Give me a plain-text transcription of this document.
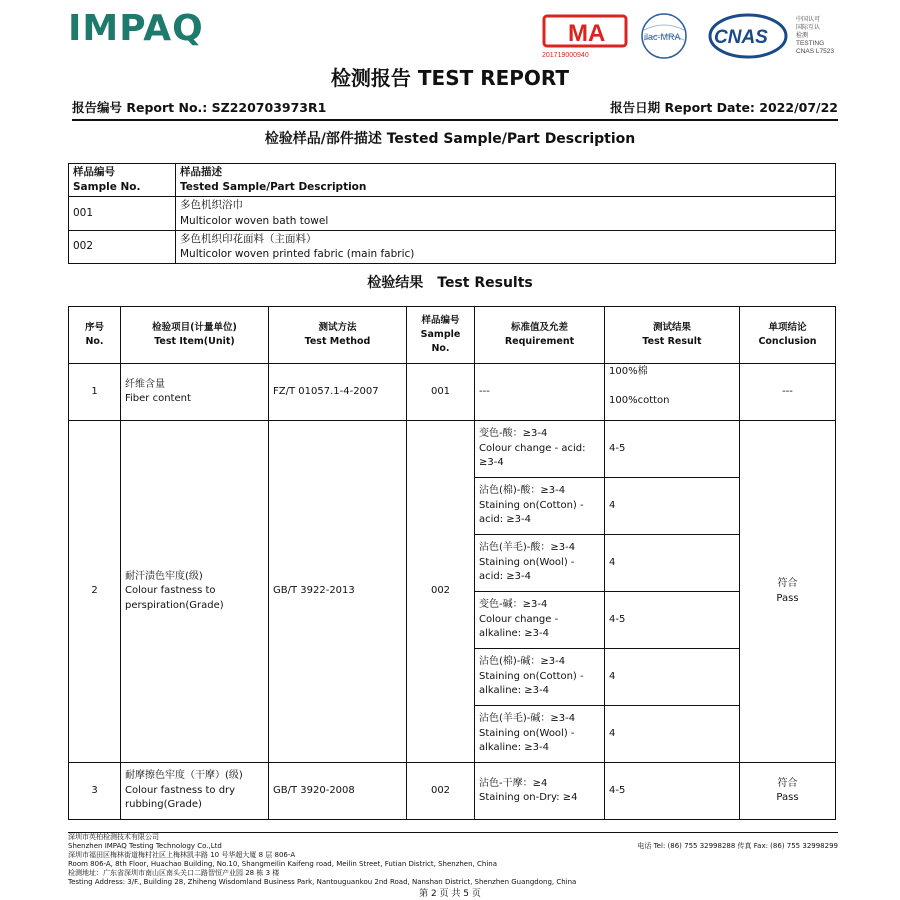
IMPAQ	MA
201719000940
ilac-MRA CNAS
中国认可
国际互认
检测
TESTING
CNAS L7523
检测报告 TEST REPORT
报告编号 Report No.: SZ220703973R1	报告日期 Report Date: 2022/07/22
检验样品/部件描述 Tested Sample/Part Description
样品编号
Sample No.	样品描述
Tested Sample/Part Description
001	多色机织浴巾
Multicolor woven bath towel
002	多色机织印花面料（主面料）
Multicolor woven printed fabric (main fabric)
检验结果　Test Results
序号
No.	检验项目(计量单位)
Test Item(Unit)	测试方法
Test Method	样品编号
Sample
No.	标准值及允差
Requirement	测试结果
Test Result	单项结论
Conclusion
1	纤维含量
Fiber content	FZ/T 01057.1-4-2007	001	---	100%棉

100%cotton	---
2	耐汗渍色牢度(级)
Colour fastness to
perspiration(Grade)	GB/T 3922-2013	002	变色-酸：≥3-4
Colour change - acid:
≥3-4	4-5	符合
Pass
				沾色(棉)-酸：≥3-4
Staining on(Cotton) -
acid: ≥3-4	4	
				沾色(羊毛)-酸：≥3-4
Staining on(Wool) -
acid: ≥3-4	4	
				变色-碱：≥3-4
Colour change -
alkaline: ≥3-4	4-5	
				沾色(棉)-碱：≥3-4
Staining on(Cotton) -
alkaline: ≥3-4	4	
				沾色(羊毛)-碱：≥3-4
Staining on(Wool) -
alkaline: ≥3-4	4	
3	耐摩擦色牢度（干摩）(级)
Colour fastness to dry
rubbing(Grade)	GB/T 3920-2008	002	沾色-干摩：≥4
Staining on-Dry: ≥4	4-5	符合
Pass
深圳市英柏检测技术有限公司
Shenzhen IMPAQ Testing Technology Co.,Ltd	电话 Tel: (86) 755 32998288 传真 Fax: (86) 755 32998299
深圳市福田区梅林街道梅村社区上梅林凯丰路 10 号华超大厦 8 层 806-A
Room 806-A, 8th Floor, Huachao Building, No.10, Shangmeilin Kaifeng road, Meilin Street, Futian District, Shenzhen, China
检测地址：广东省深圳市南山区南头关口二路智恒产业园 28 栋 3 楼
Testing Address: 3/F., Building 28, Zhiheng Wisdomland Business Park, Nantouguankou 2nd Road, Nanshan District, Shenzhen Guangdong, China
第 2 页 共 5 页
